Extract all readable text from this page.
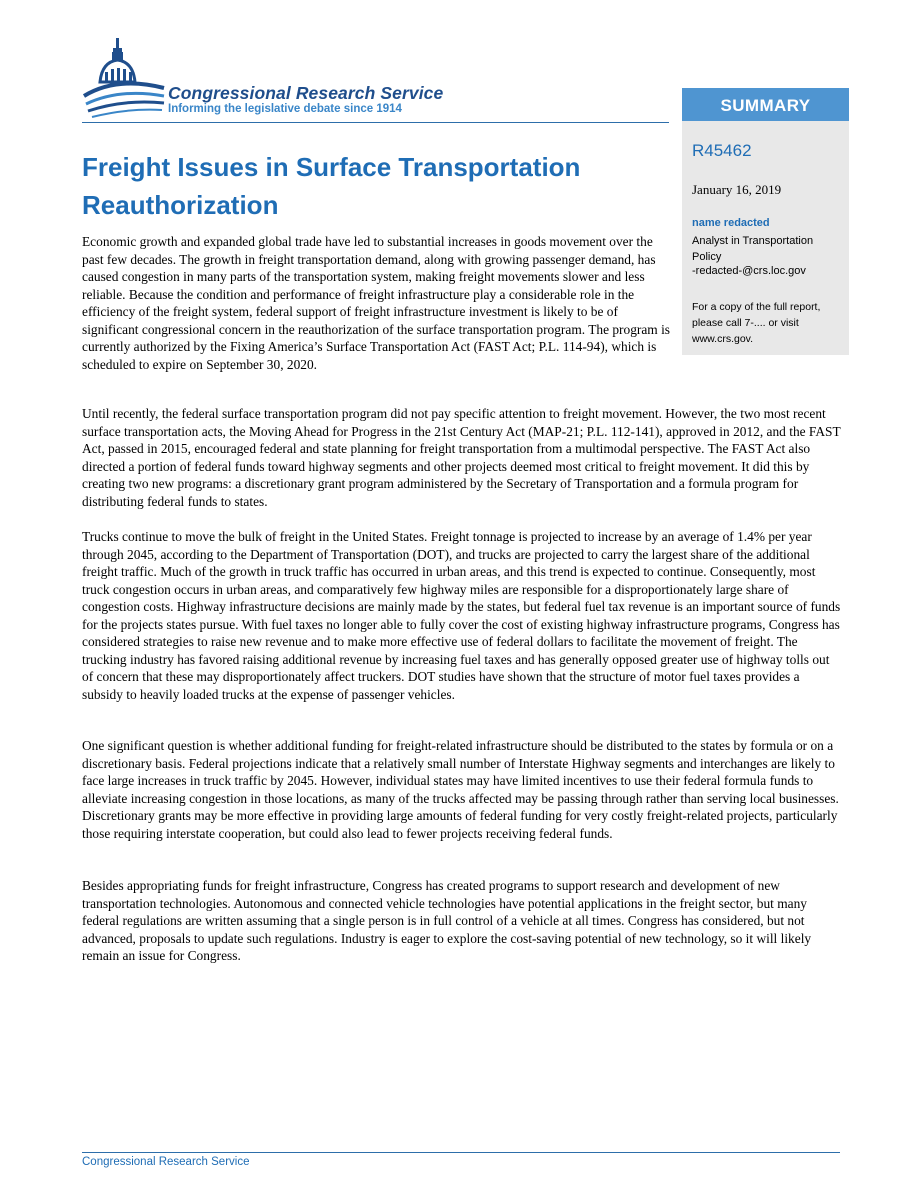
Congressional Research Service
Informing the legislative debate since 1914	SUMMARY
R45462
January 16, 2019
name redacted
Analyst in Transportation Policy
-redacted-@crs.loc.gov
For a copy of the full report, please call 7-.... or visit www.crs.gov.
Freight Issues in Surface Transportation Reauthorization

Economic growth and expanded global trade have led to substantial increases in goods movement over the past few decades. The growth in freight transportation demand, along with growing passenger demand, has caused congestion in many parts of the transportation system, making freight movements slower and less reliable. Because the condition and performance of freight infrastructure play a considerable role in the efficiency of the freight system, federal support of freight infrastructure investment is likely to be of significant congressional concern in the reauthorization of the surface transportation program. The program is currently authorized by the Fixing America’s Surface Transportation Act (FAST Act; P.L. 114-94), which is scheduled to expire on September 30, 2020.

Until recently, the federal surface transportation program did not pay specific attention to freight movement. However, the two most recent surface transportation acts, the Moving Ahead for Progress in the 21st Century Act (MAP-21; P.L. 112-141), approved in 2012, and the FAST Act, passed in 2015, encouraged federal and state planning for freight transportation from a multimodal perspective. The FAST Act also directed a portion of federal funds toward highway segments and other projects deemed most critical to freight movement. It did this by creating two new programs: a discretionary grant program administered by the Secretary of Transportation and a formula program for distributing federal funds to states.

Trucks continue to move the bulk of freight in the United States. Freight tonnage is projected to increase by an average of 1.4% per year through 2045, according to the Department of Transportation (DOT), and trucks are projected to carry the largest share of the additional freight traffic. Much of the growth in truck traffic has occurred in urban areas, and this trend is expected to continue. Consequently, most truck congestion occurs in urban areas, and comparatively few highway miles are responsible for a disproportionately large share of congestion costs. Highway infrastructure decisions are mainly made by the states, but federal fuel tax revenue is an important source of funds for the projects states pursue. With fuel taxes no longer able to fully cover the cost of existing highway infrastructure programs, Congress has considered strategies to raise new revenue and to make more effective use of federal dollars to facilitate the movement of freight. The trucking industry has favored raising additional revenue by increasing fuel taxes and has generally opposed greater use of highway tolls out of concern that these may disproportionately affect truckers. DOT studies have shown that the structure of motor fuel taxes provides a subsidy to heavily loaded trucks at the expense of passenger vehicles.

One significant question is whether additional funding for freight-related infrastructure should be distributed to the states by formula or on a discretionary basis. Federal projections indicate that a relatively small number of Interstate Highway segments and interchanges are likely to face large increases in truck traffic by 2045. However, individual states may have limited incentives to use their federal formula funds to alleviate increasing congestion in those locations, as many of the trucks affected may be passing through rather than serving local businesses. Discretionary grants may be more effective in providing large amounts of federal funding for very costly freight-related projects, particularly those requiring interstate cooperation, but could also lead to fewer projects receiving federal funds.

Besides appropriating funds for freight infrastructure, Congress has created programs to support research and development of new transportation technologies. Autonomous and connected vehicle technologies have potential applications in the freight sector, but many federal regulations are written assuming that a single person is in full control of a vehicle at all times. Congress has considered, but not advanced, proposals to update such regulations. Industry is eager to explore the cost-saving potential of new technology, so it will likely remain an issue for Congress.

Congressional Research Service
